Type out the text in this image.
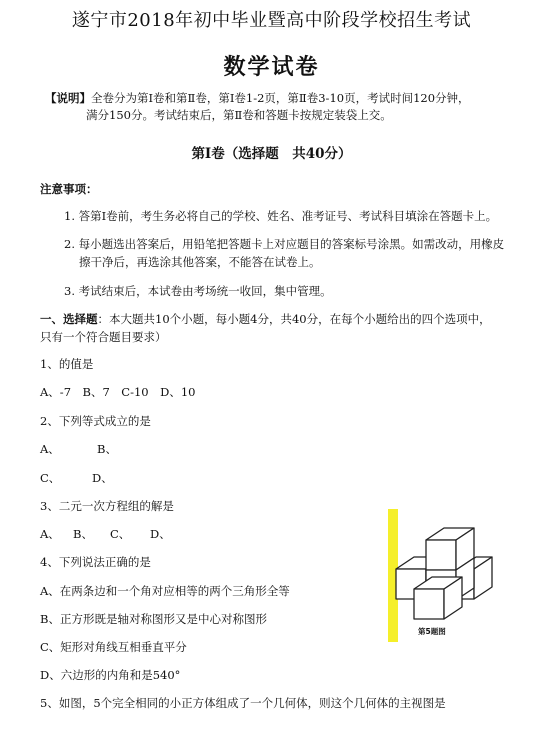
遂宁市2018年初中毕业暨高中阶段学校招生考试
数学试卷
【说明】全卷分为第Ⅰ卷和第Ⅱ卷，第Ⅰ卷1-2页，第Ⅱ卷3-10页，考试时间120分钟，
满分150分。考试结束后，第Ⅱ卷和答题卡按规定装袋上交。
第Ⅰ卷（选择题　共40分）
注意事项：
1. 答第Ⅰ卷前，考生务必将自己的学校、姓名、准考证号、考试科目填涂在答题卡上。
2. 每小题选出答案后，用铅笔把答题卡上对应题目的答案标号涂黑。如需改动，用橡皮
擦干净后，再选涂其他答案，不能答在试卷上。
3. 考试结束后，本试卷由考场统一收回，集中管理。
一、选择题：本大题共10个小题，每小题4分，共40分，在每个小题给出的四个选项中，
只有一个符合题目要求）
1、的值是
A、-7　B、7　C-10　D、10
2、下列等式成立的是
A、	B、
C、	D、
3、二元一次方程组的解是
A、 B、 C、 D、
4、下列说法正确的是
A、在两条边和一个角对应相等的两个三角形全等
B、正方形既是轴对称图形又是中心对称图形
C、矩形对角线互相垂直平分
D、六边形的内角和是540°
5、如图，5个完全相同的小正方体组成了一个几何体，则这个几何体的主视图是
第5题图
